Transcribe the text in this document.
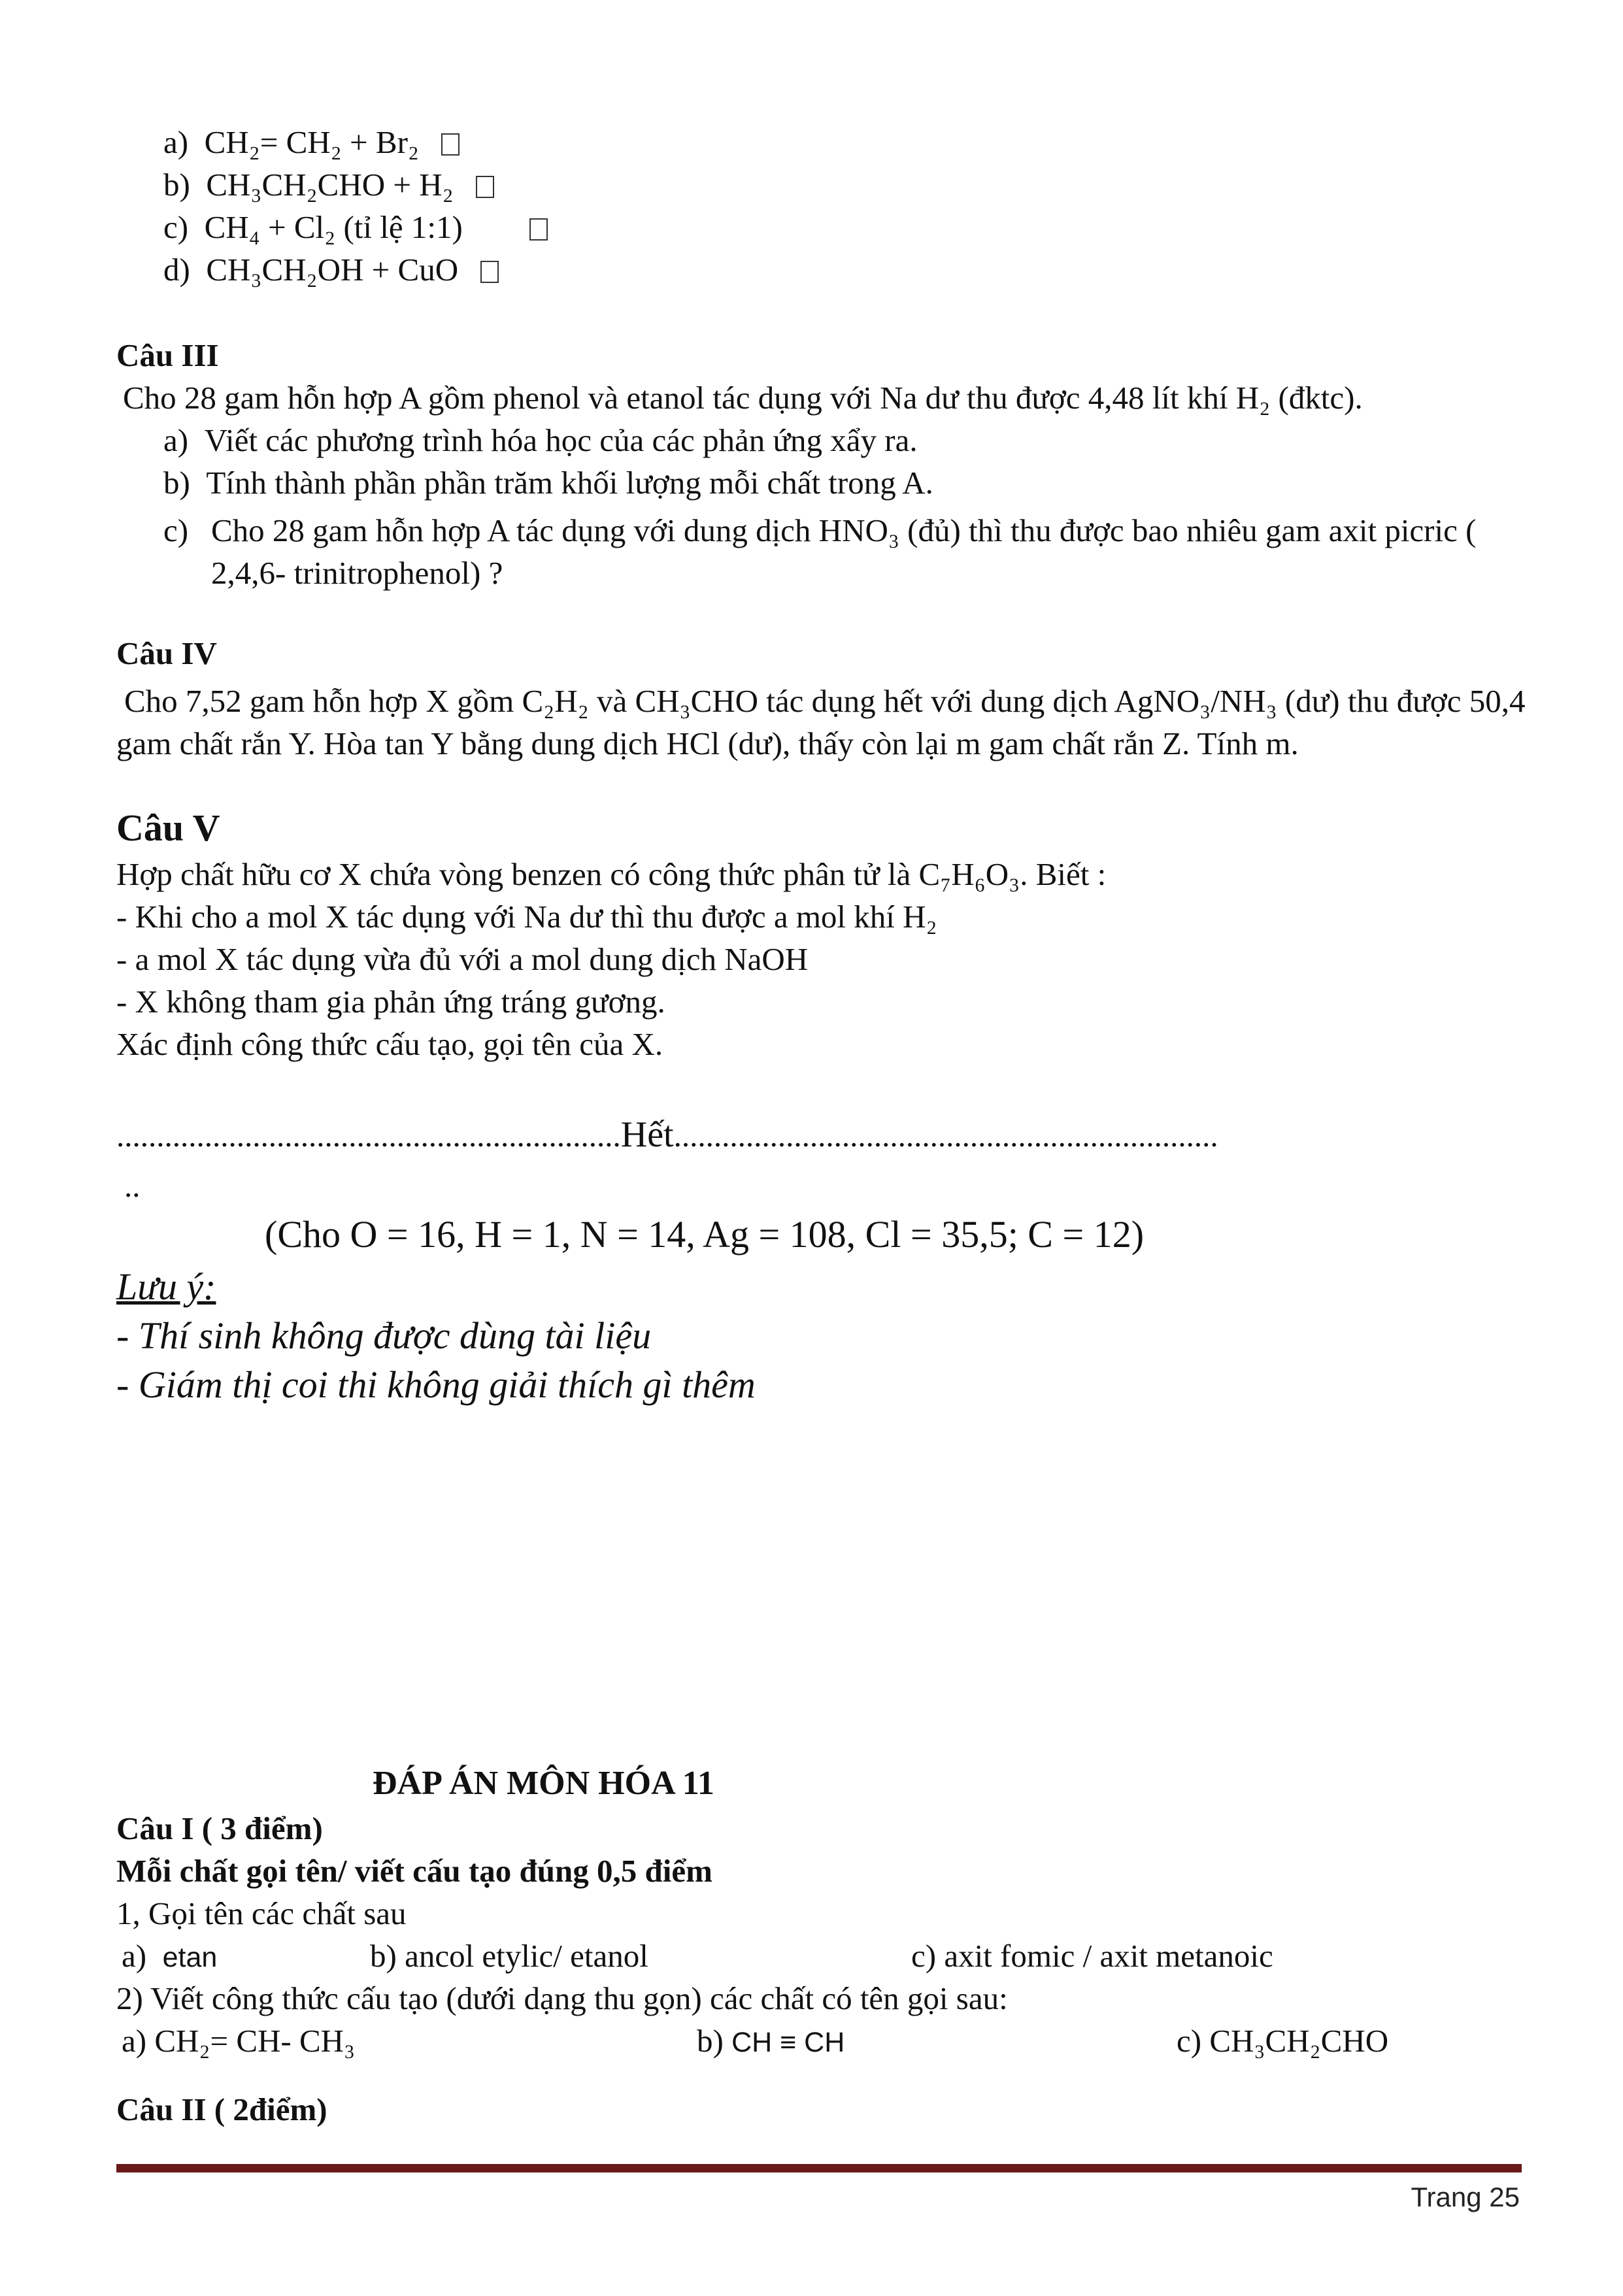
a) CH₂= CH₂ + Br₂
b) CH₃CH₂CHO + H₂
c) CH₄ + Cl₂ (tỉ lệ 1:1)
d) CH₃CH₂OH + CuO
Câu III
Cho 28 gam hỗn hợp A gồm phenol và etanol tác dụng với Na dư thu được 4,48 lít khí H₂ (đktc).
a) Viết các phương trình hóa học của các phản ứng xẩy ra.
b) Tính thành phần phần trăm khối lượng mỗi chất trong A.
c) Cho 28 gam hỗn hợp A tác dụng với dung dịch HNO₃ (đủ) thì thu được bao nhiêu gam axit picric ( 2,4,6- trinitrophenol) ?
Câu IV
Cho 7,52 gam hỗn hợp X gồm C₂H₂ và CH₃CHO tác dụng hết với dung dịch AgNO₃/NH₃ (dư) thu được 50,4 gam chất rắn Y. Hòa tan Y bằng dung dịch HCl (dư), thấy còn lại m gam chất rắn Z. Tính m.
Câu V
Hợp chất hữu cơ X chứa vòng benzen có công thức phân tử là C₇H₆O₃. Biết :
- Khi cho a mol X tác dụng với Na dư thì thu được a mol khí H₂
- a mol X tác dụng vừa đủ với a mol dung dịch NaOH
- X không tham gia phản ứng tráng gương.
Xác định công thức cấu tạo, gọi tên của X.
...............................................................Hết....................................................................
..
(Cho O = 16, H = 1, N = 14, Ag = 108, Cl = 35,5; C = 12)
Lưu ý:
- Thí sinh không được dùng tài liệu
- Giám thị coi thi không giải thích gì thêm
ĐÁP ÁN MÔN HÓA 11
Câu I ( 3 điểm)
Mỗi chất gọi tên/ viết cấu tạo đúng 0,5 điểm
1, Gọi tên các chất sau
a) etan	b) ancol etylic/ etanol	c) axit fomic / axit metanoic
2) Viết công thức cấu tạo (dưới dạng thu gọn) các chất có tên gọi sau:
a) CH₂= CH- CH₃	b) CH ≡ CH	c) CH₃CH₂CHO
Câu II ( 2điểm)
Trang 25
